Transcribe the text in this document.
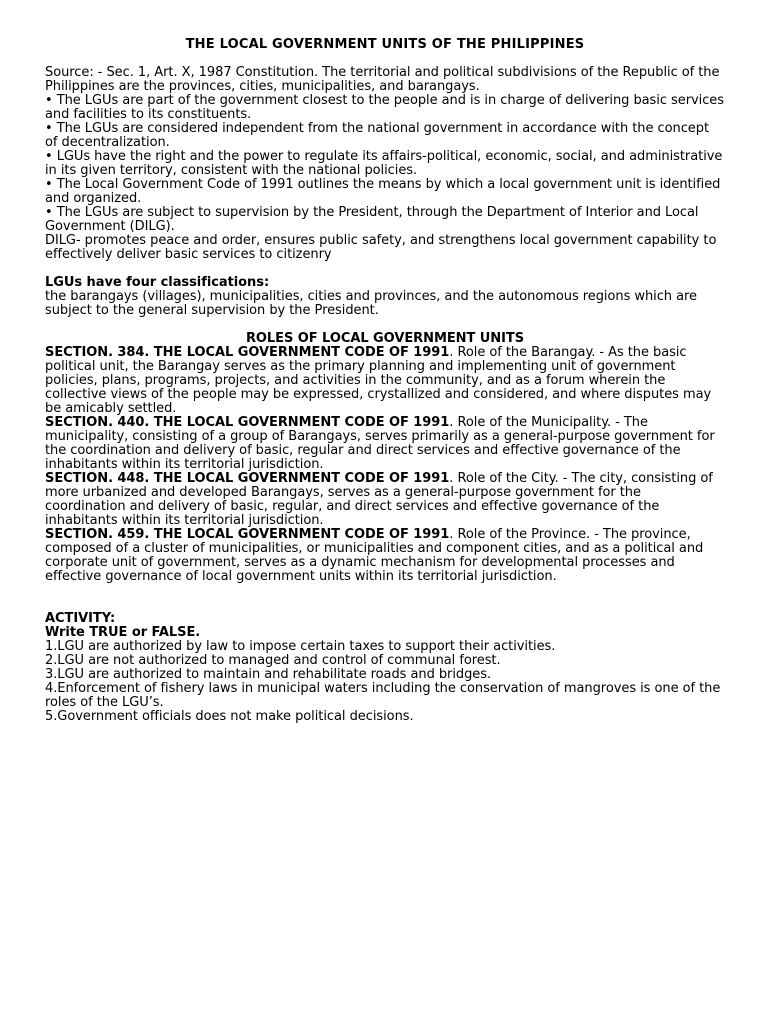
THE LOCAL GOVERNMENT UNITS OF THE PHILIPPINES

Source: - Sec. 1, Art. X, 1987 Constitution. The territorial and political subdivisions of the Republic of the Philippines are the provinces, cities, municipalities, and barangays.

• The LGUs are part of the government closest to the people and is in charge of delivering basic services and facilities to its constituents.

• The LGUs are considered independent from the national government in accordance with the concept of decentralization.

• LGUs have the right and the power to regulate its affairs-political, economic, social, and administrative in its given territory, consistent with the national policies.

• The Local Government Code of 1991 outlines the means by which a local government unit is identified and organized.

• The LGUs are subject to supervision by the President, through the Department of Interior and Local Government (DILG).

DILG- promotes peace and order, ensures public safety, and strengthens local government capability to effectively deliver basic services to citizenry

LGUs have four classifications:

the barangays (villages), municipalities, cities and provinces, and the autonomous regions which are subject to the general supervision by the President.

ROLES OF LOCAL GOVERNMENT UNITS

SECTION. 384. THE LOCAL GOVERNMENT CODE OF 1991. Role of the Barangay. - As the basic political unit, the Barangay serves as the primary planning and implementing unit of government policies, plans, programs, projects, and activities in the community, and as a forum wherein the collective views of the people may be expressed, crystallized and considered, and where disputes may be amicably settled.

SECTION. 440. THE LOCAL GOVERNMENT CODE OF 1991. Role of the Municipality. - The municipality, consisting of a group of Barangays, serves primarily as a general-purpose government for the coordination and delivery of basic, regular and direct services and effective governance of the inhabitants within its territorial jurisdiction.

SECTION. 448. THE LOCAL GOVERNMENT CODE OF 1991. Role of the City. - The city, consisting of more urbanized and developed Barangays, serves as a general-purpose government for the coordination and delivery of basic, regular, and direct services and effective governance of the inhabitants within its territorial jurisdiction.

SECTION. 459. THE LOCAL GOVERNMENT CODE OF 1991. Role of the Province. - The province, composed of a cluster of municipalities, or municipalities and component cities, and as a political and corporate unit of government, serves as a dynamic mechanism for developmental processes and effective governance of local government units within its territorial jurisdiction.

ACTIVITY:

Write TRUE or FALSE.

1.LGU are authorized by law to impose certain taxes to support their activities.

2.LGU are not authorized to managed and control of communal forest.

3.LGU are authorized to maintain and rehabilitate roads and bridges.

4.Enforcement of fishery laws in municipal waters including the conservation of mangroves is one of the roles of the LGU’s.

5.Government officials does not make political decisions.
